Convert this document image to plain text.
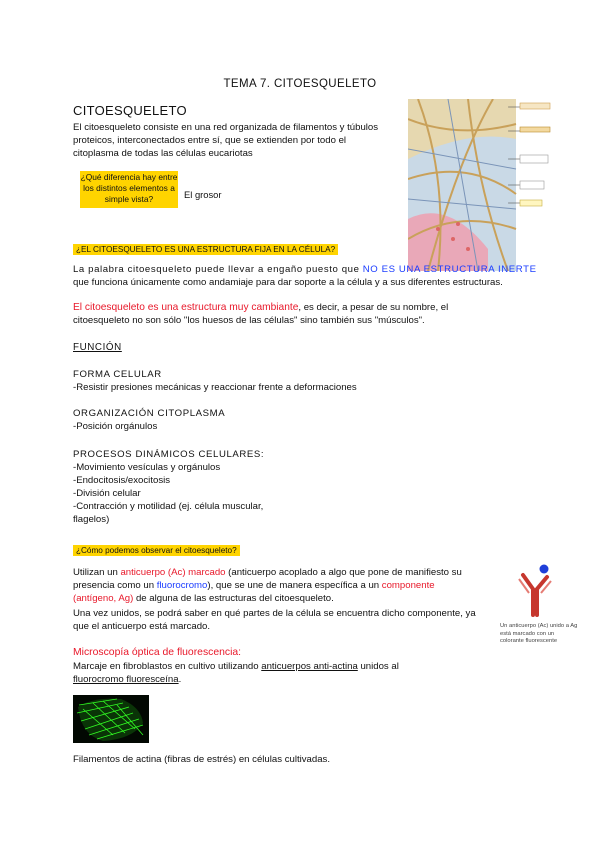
TEMA 7. CITOESQUELETO
CITOESQUELETO
El citoesqueleto consiste en una red organizada de filamentos y túbulos
proteicos, interconectados entre sí, que se extienden por todo el
citoplasma de todas las células eucariotas
¿Qué diferencia hay entre
los distintos elementos a
simple vista?	El grosor
¿EL CITOESQUELETO ES UNA ESTRUCTURA FIJA EN LA CÉLULA?
La palabra citoesqueleto puede llevar a engaño puesto que NO ES UNA ESTRUCTURA INERTE
que funciona únicamente como andamiaje para dar soporte a la célula y a sus diferentes estructuras.
El citoesqueleto es una estructura muy cambiante, es decir, a pesar de su nombre, el
citoesqueleto no son sólo "los huesos de las células" sino también sus "músculos".
FUNCIÓN
FORMA CELULAR
-Resistir presiones mecánicas y reaccionar frente a deformaciones
ORGANIZACIÓN CITOPLASMA
-Posición orgánulos
PROCESOS DINÁMICOS CELULARES:
-Movimiento vesículas y orgánulos
-Endocitosis/exocitosis
-División celular
-Contracción y motilidad (ej. célula muscular,
flagelos)
¿Cómo podemos observar el citoesqueleto?
Utilizan un anticuerpo (Ac) marcado (anticuerpo acoplado a algo que pone de manifiesto su
presencia como un fluorocromo), que se une de manera específica a un componente
(antígeno, Ag) de alguna de las estructuras del citoesqueleto.
Una vez unidos, se podrá saber en qué partes de la célula se encuentra dicho componente, ya
que el anticuerpo está marcado.	Un anticuerpo (Ac) unido a Ag
está marcado con un
colorante fluorescente
Microscopía óptica de fluorescencia:
Marcaje en fibroblastos en cultivo utilizando anticuerpos anti-actina unidos al
fluorocromo fluoresceína.
Filamentos de actina (fibras de estrés) en células cultivadas.
